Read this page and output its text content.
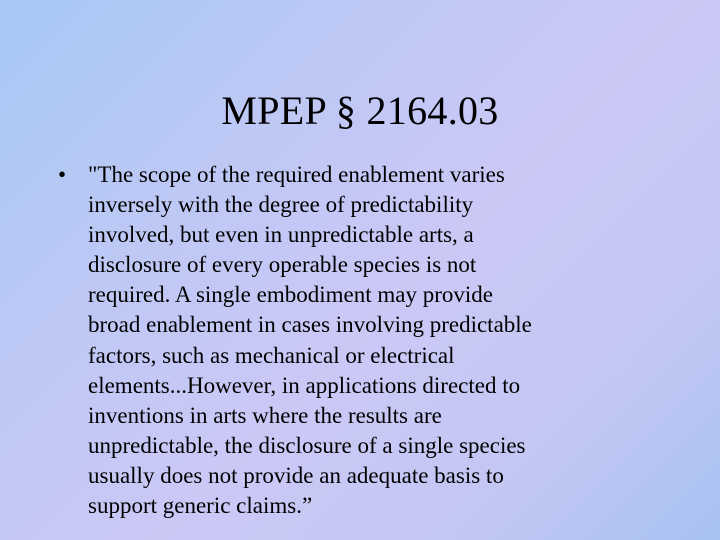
MPEP § 2164.03
• "The scope of the required enablement varies
inversely with the degree of predictability
involved, but even in unpredictable arts, a
disclosure of every operable species is not
required. A single embodiment may provide
broad enablement in cases involving predictable
factors, such as mechanical or electrical
elements...However, in applications directed to
inventions in arts where the results are
unpredictable, the disclosure of a single species
usually does not provide an adequate basis to
support generic claims.”
